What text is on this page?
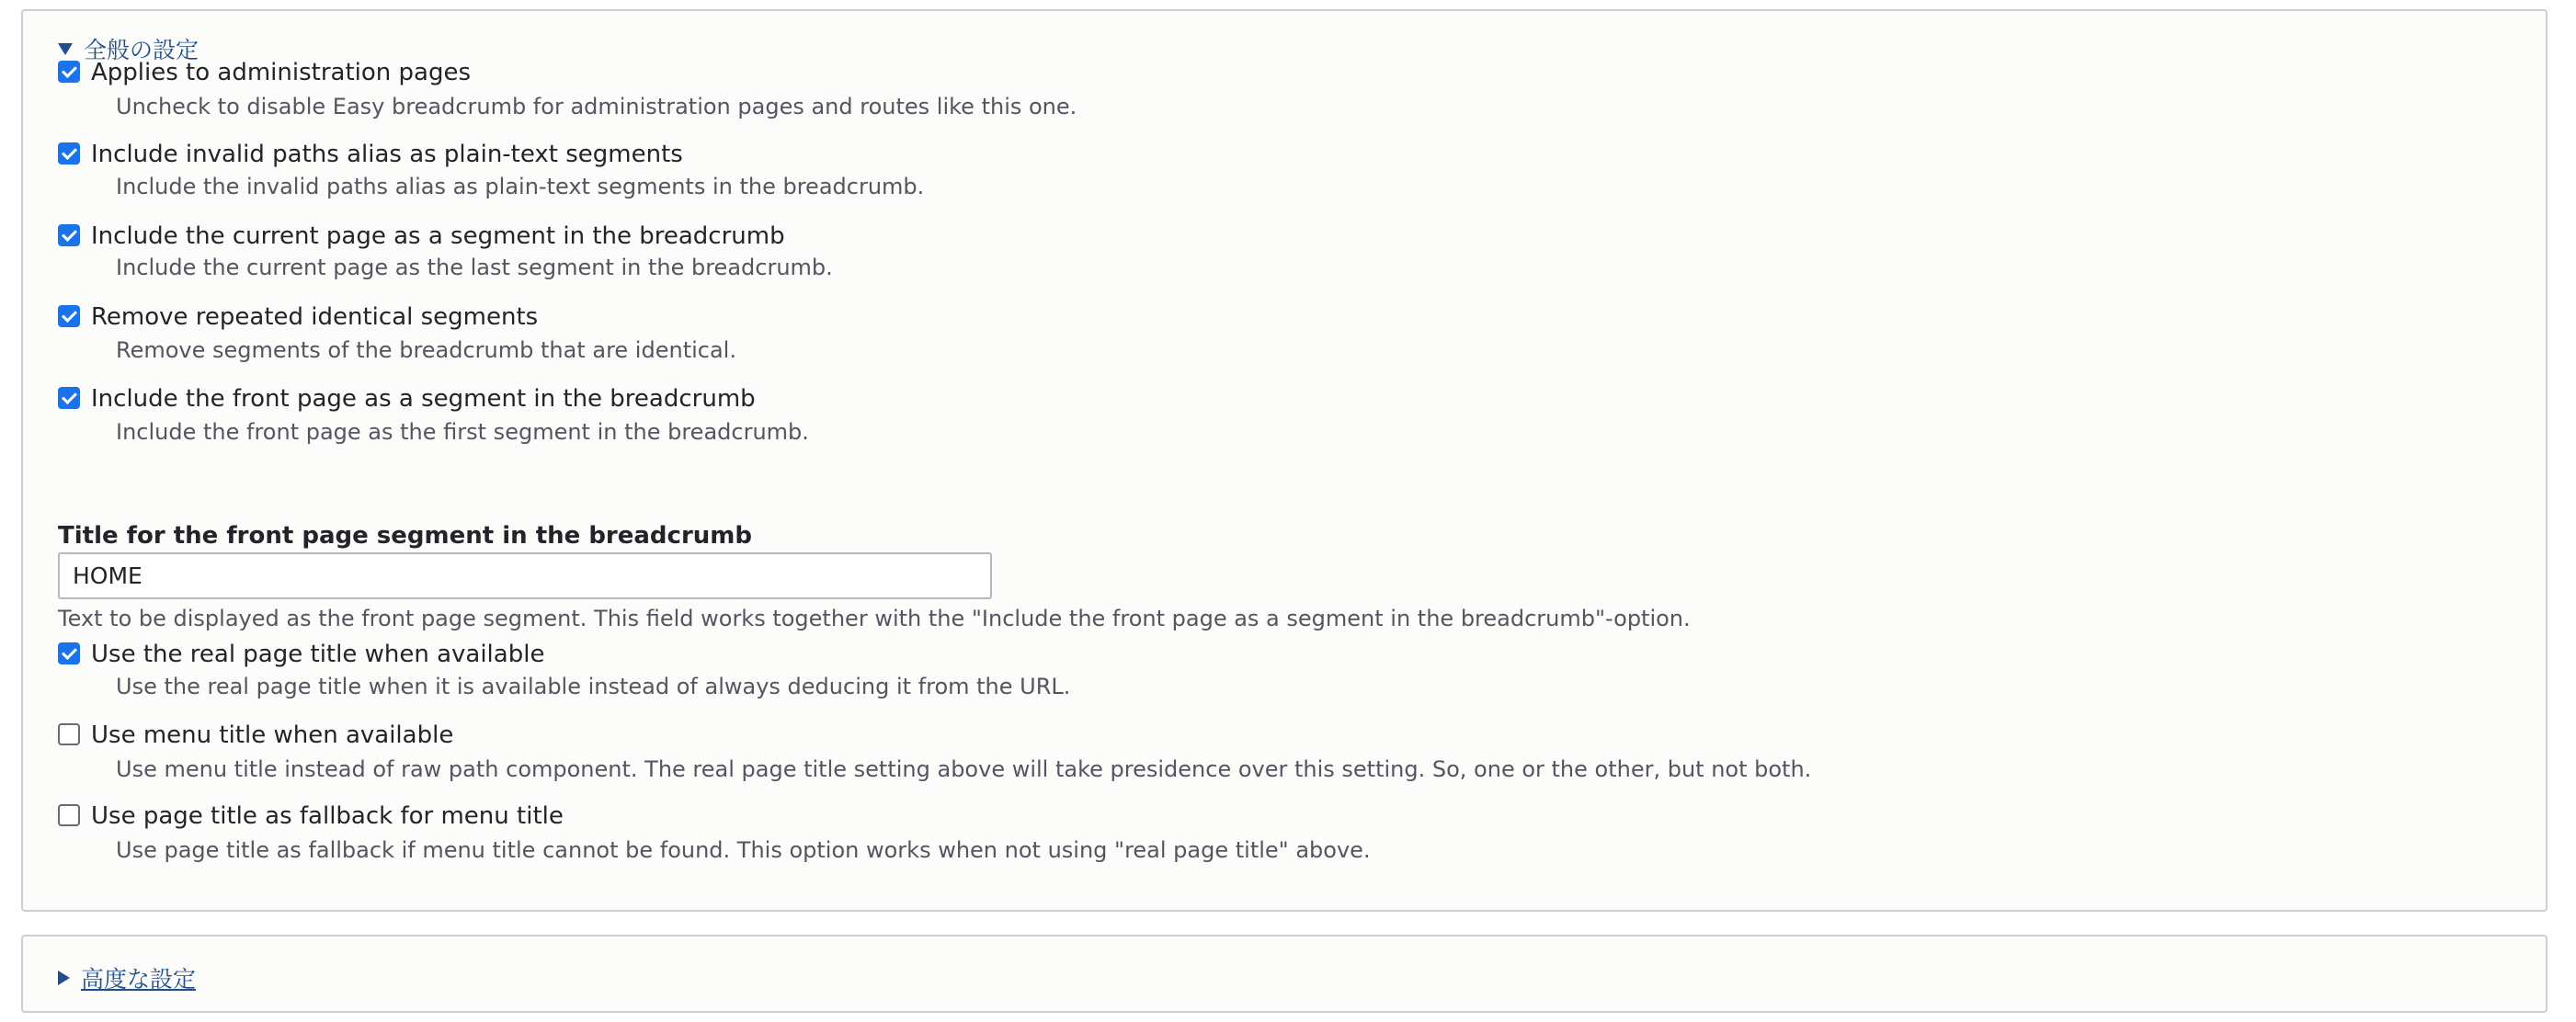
全般の設定
Applies to administration pages
Uncheck to disable Easy breadcrumb for administration pages and routes like this one.
Include invalid paths alias as plain-text segments
Include the invalid paths alias as plain-text segments in the breadcrumb.
Include the current page as a segment in the breadcrumb
Include the current page as the last segment in the breadcrumb.
Remove repeated identical segments
Remove segments of the breadcrumb that are identical.
Include the front page as a segment in the breadcrumb
Include the front page as the first segment in the breadcrumb.
Title for the front page segment in the breadcrumb
HOME
Text to be displayed as the front page segment. This field works together with the "Include the front page as a segment in the breadcrumb"-option.
Use the real page title when available
Use the real page title when it is available instead of always deducing it from the URL.
Use menu title when available
Use menu title instead of raw path component. The real page title setting above will take presidence over this setting. So, one or the other, but not both.
Use page title as fallback for menu title
Use page title as fallback if menu title cannot be found. This option works when not using "real page title" above.
高度な設定
